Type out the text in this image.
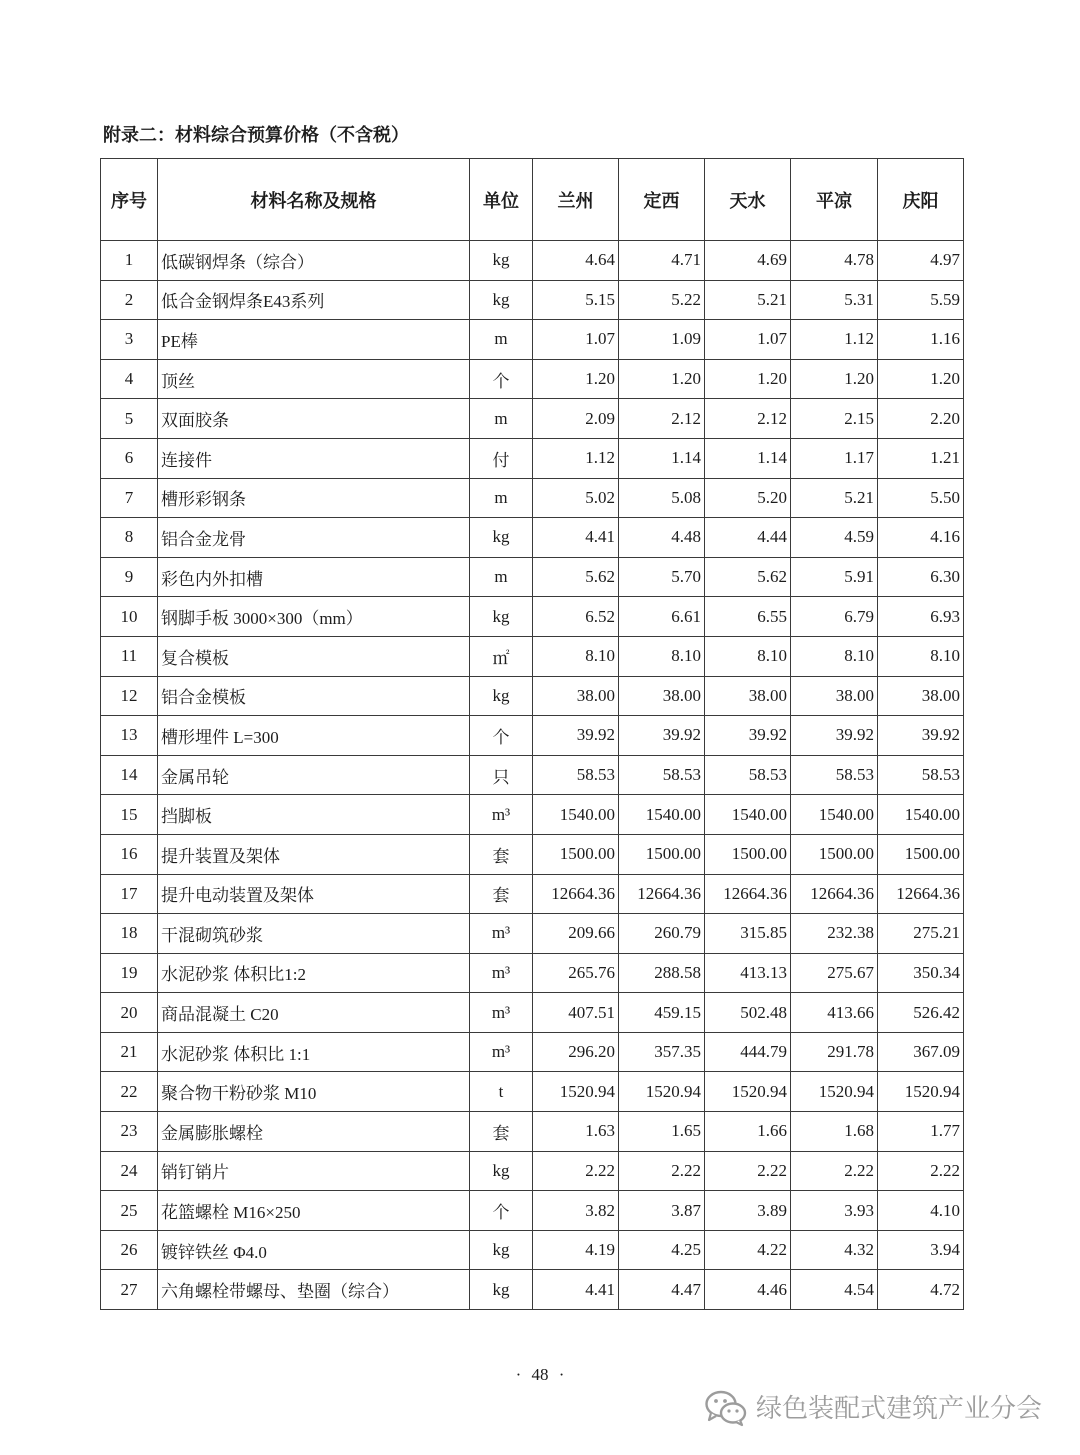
附录二：材料综合预算价格（不含税）
序号	材料名称及规格	单位	兰州	定西	天水	平凉	庆阳
1	低碳钢焊条（综合）	kg	4.64	4.71	4.69	4.78	4.97
2	低合金钢焊条E43系列	kg	5.15	5.22	5.21	5.31	5.59
3	PE棒	m	1.07	1.09	1.07	1.12	1.16
4	顶丝	个	1.20	1.20	1.20	1.20	1.20
5	双面胶条	m	2.09	2.12	2.12	2.15	2.20
6	连接件	付	1.12	1.14	1.14	1.17	1.21
7	槽形彩钢条	m	5.02	5.08	5.20	5.21	5.50
8	铝合金龙骨	kg	4.41	4.48	4.44	4.59	4.16
9	彩色内外扣槽	m	5.62	5.70	5.62	5.91	6.30
10	钢脚手板 3000×300（mm）	kg	6.52	6.61	6.55	6.79	6.93
11	复合模板	㎡	8.10	8.10	8.10	8.10	8.10
12	铝合金模板	kg	38.00	38.00	38.00	38.00	38.00
13	槽形埋件 L=300	个	39.92	39.92	39.92	39.92	39.92
14	金属吊轮	只	58.53	58.53	58.53	58.53	58.53
15	挡脚板	m³	1540.00	1540.00	1540.00	1540.00	1540.00
16	提升装置及架体	套	1500.00	1500.00	1500.00	1500.00	1500.00
17	提升电动装置及架体	套	12664.36	12664.36	12664.36	12664.36	12664.36
18	干混砌筑砂浆	m³	209.66	260.79	315.85	232.38	275.21
19	水泥砂浆 体积比1:2	m³	265.76	288.58	413.13	275.67	350.34
20	商品混凝土 C20	m³	407.51	459.15	502.48	413.66	526.42
21	水泥砂浆 体积比 1:1	m³	296.20	357.35	444.79	291.78	367.09
22	聚合物干粉砂浆 M10	t	1520.94	1520.94	1520.94	1520.94	1520.94
23	金属膨胀螺栓	套	1.63	1.65	1.66	1.68	1.77
24	销钉销片	kg	2.22	2.22	2.22	2.22	2.22
25	花篮螺栓 M16×250	个	3.82	3.87	3.89	3.93	4.10
26	镀锌铁丝 Φ4.0	kg	4.19	4.25	4.22	4.32	3.94
27	六角螺栓带螺母、垫圈（综合）	kg	4.41	4.47	4.46	4.54	4.72
· 48 ·
绿色装配式建筑产业分会
